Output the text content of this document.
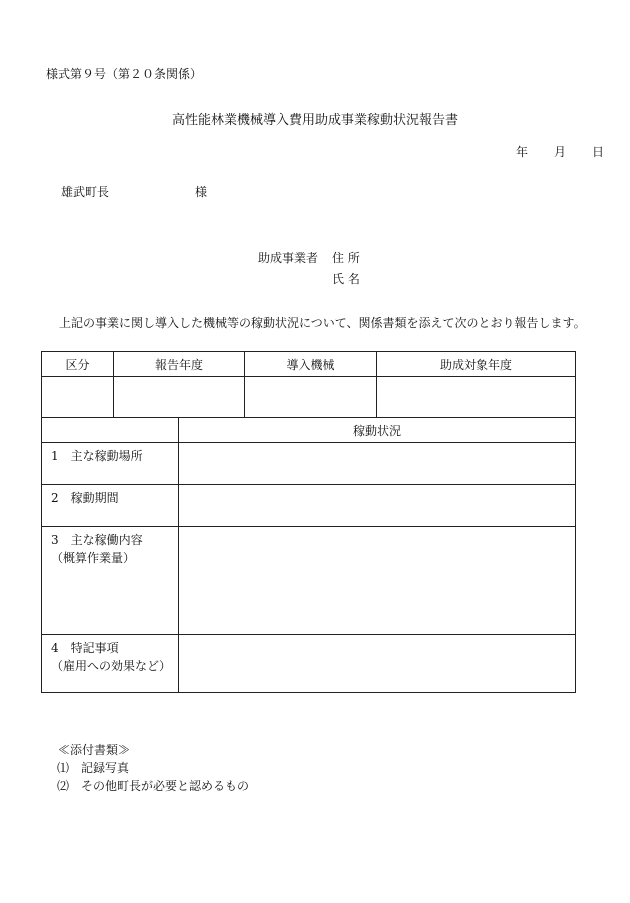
様式第９号（第２０条関係）
高性能林業機械導入費用助成事業稼動状況報告書
年 月 日
雄武町長	様
助成事業者 住 所
氏 名
上記の事業に関し導入した機械等の稼動状況について、関係書類を添えて次のとおり報告します。
区分	報告年度	導入機械	助成対象年度

	稼動状況
1　主な稼動場所	
2　稼動期間	

3　主な稼働内容
（概算作業量）	

4　特記事項
（雇用への効果など）	

≪添付書類≫
⑴ 記録写真
⑵ その他町長が必要と認めるもの
